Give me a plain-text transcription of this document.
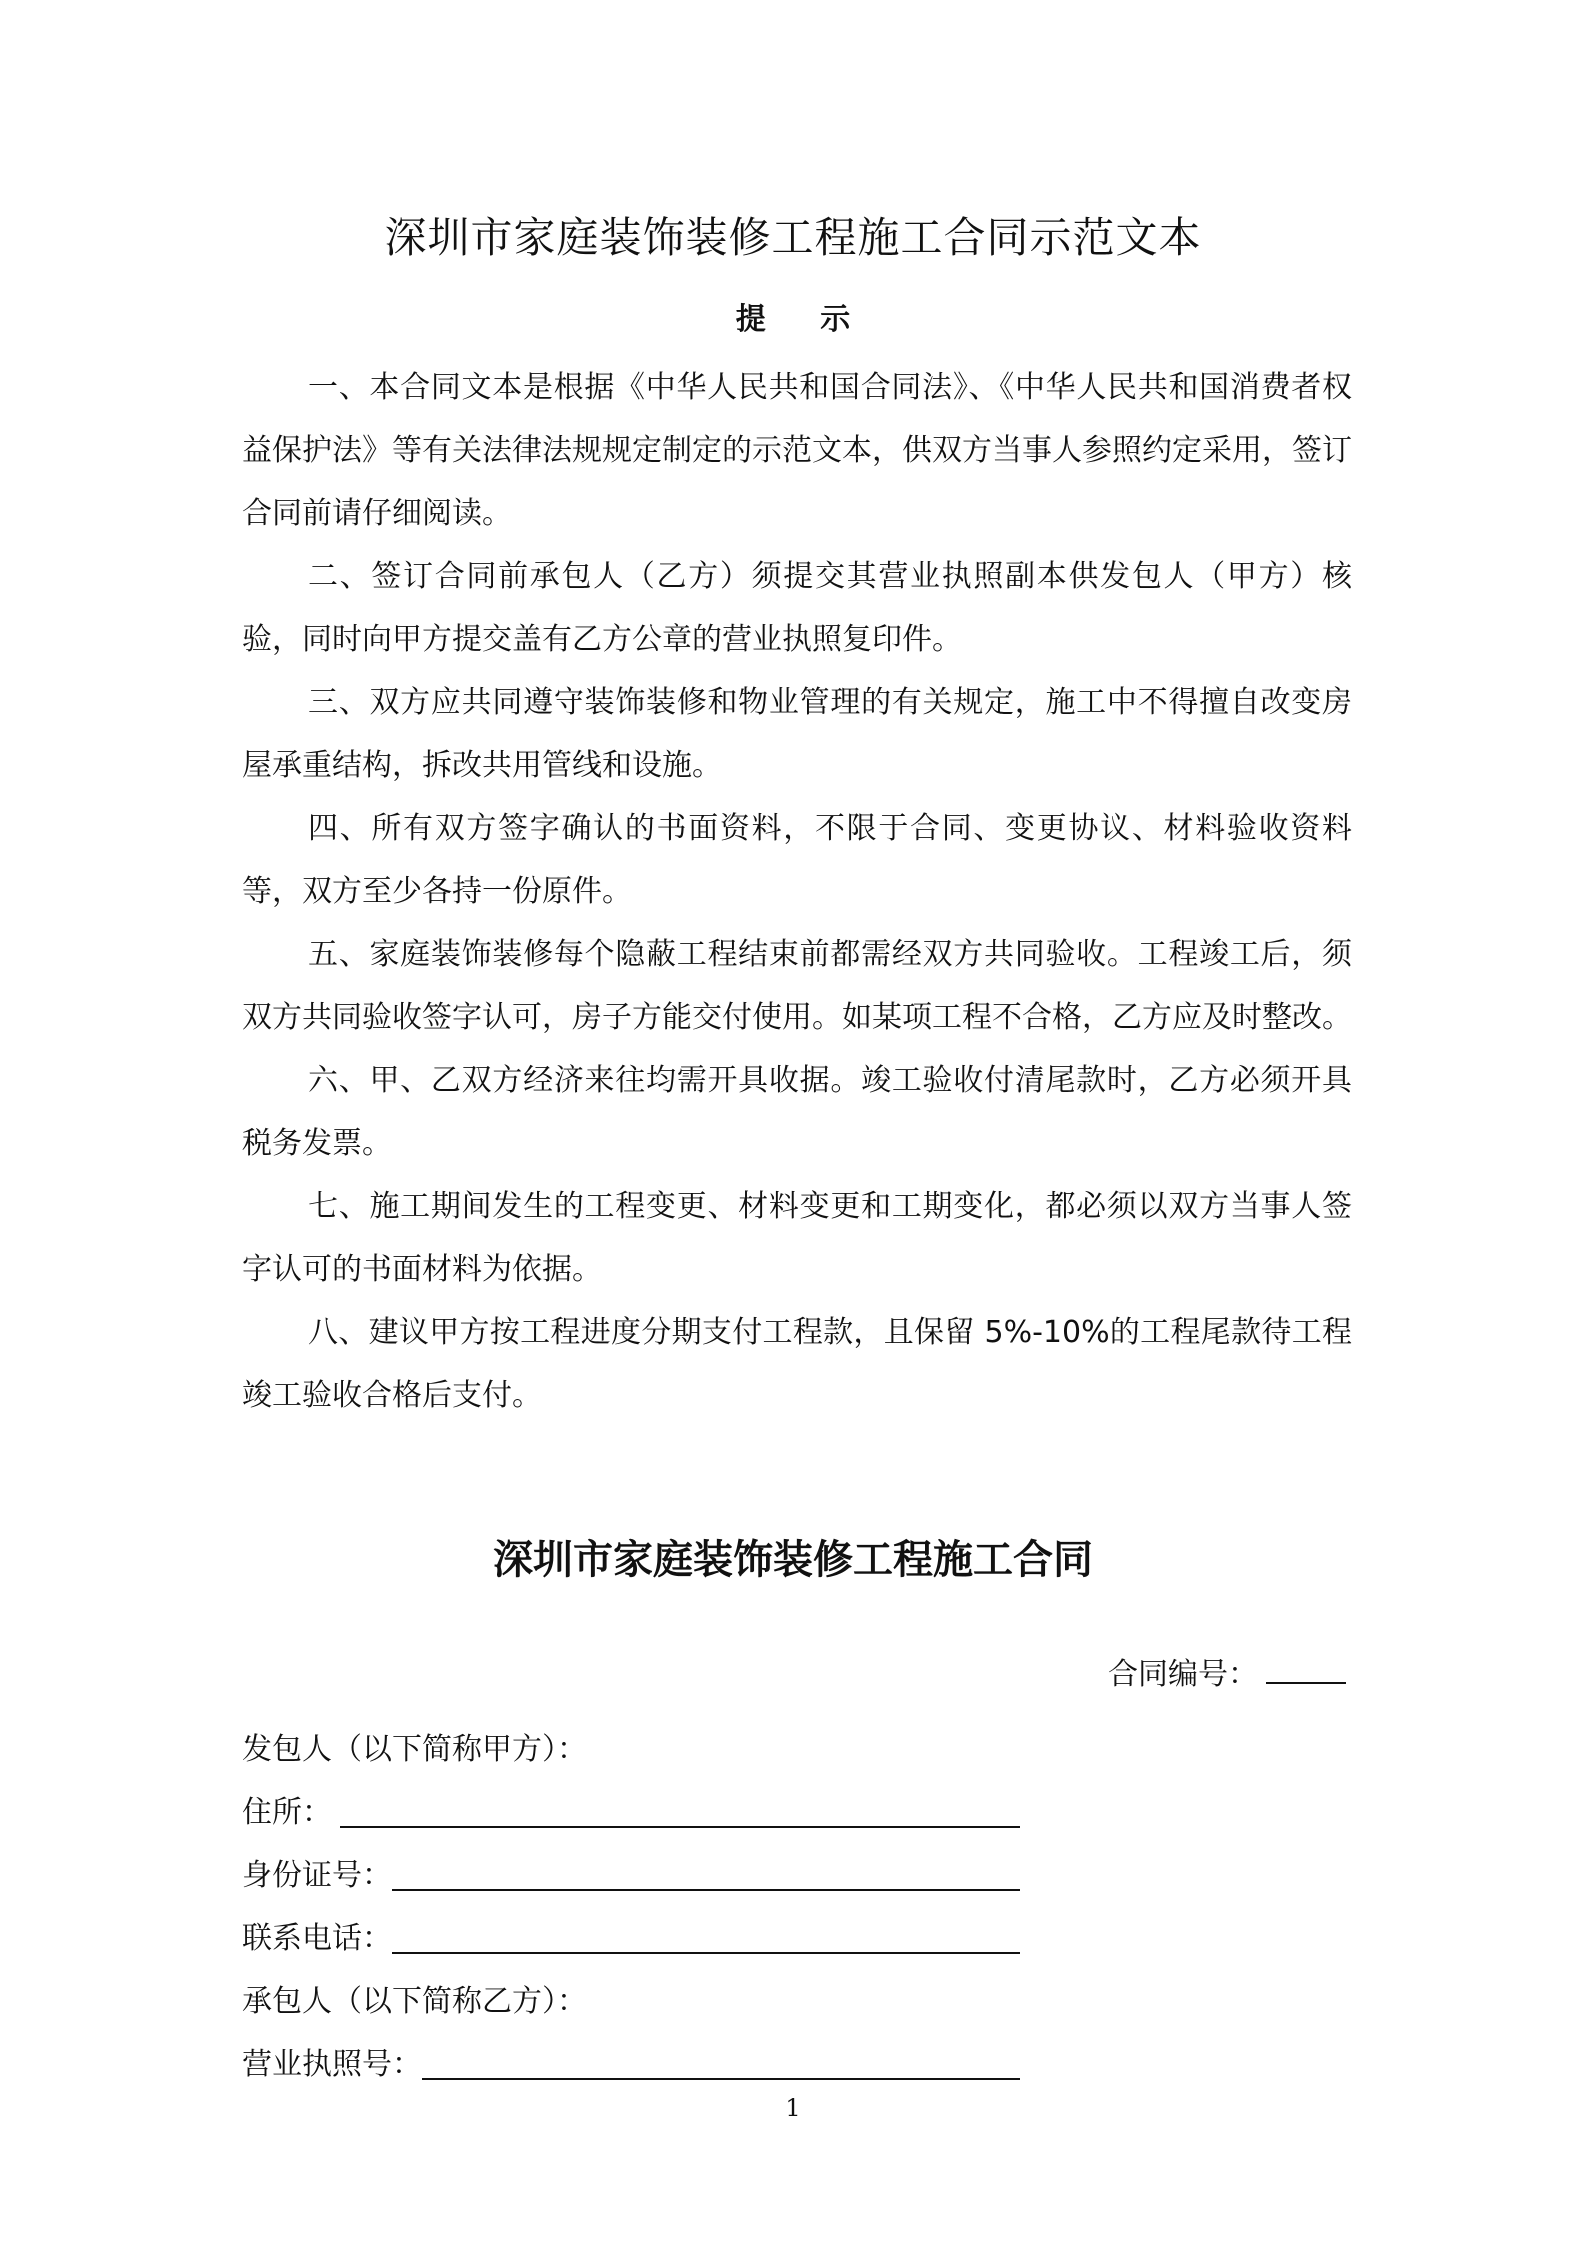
深圳市家庭装饰装修工程施工合同示范文本
提 示

一、本合同文本是根据《中华人民共和国合同法》、《中华人民共和国消费者权益保护法》等有关法律法规规定制定的示范文本，供双方当事人参照约定采用，签订合同前请仔细阅读。

二、签订合同前承包人（乙方）须提交其营业执照副本供发包人（甲方）核验，同时向甲方提交盖有乙方公章的营业执照复印件。

三、双方应共同遵守装饰装修和物业管理的有关规定，施工中不得擅自改变房屋承重结构，拆改共用管线和设施。

四、所有双方签字确认的书面资料，不限于合同、变更协议、材料验收资料等，双方至少各持一份原件。

五、家庭装饰装修每个隐蔽工程结束前都需经双方共同验收。工程竣工后，须双方共同验收签字认可，房子方能交付使用。如某项工程不合格，乙方应及时整改。

六、甲、乙双方经济来往均需开具收据。竣工验收付清尾款时，乙方必须开具税务发票。

七、施工期间发生的工程变更、材料变更和工期变化，都必须以双方当事人签字认可的书面材料为依据。

八、建议甲方按工程进度分期支付工程款，且保留 5%-10%的工程尾款待工程竣工验收合格后支付。

深圳市家庭装饰装修工程施工合同
合同编号：
发包人（以下简称甲方）：
住所：
身份证号：
联系电话：
承包人（以下简称乙方）：
营业执照号：
1
